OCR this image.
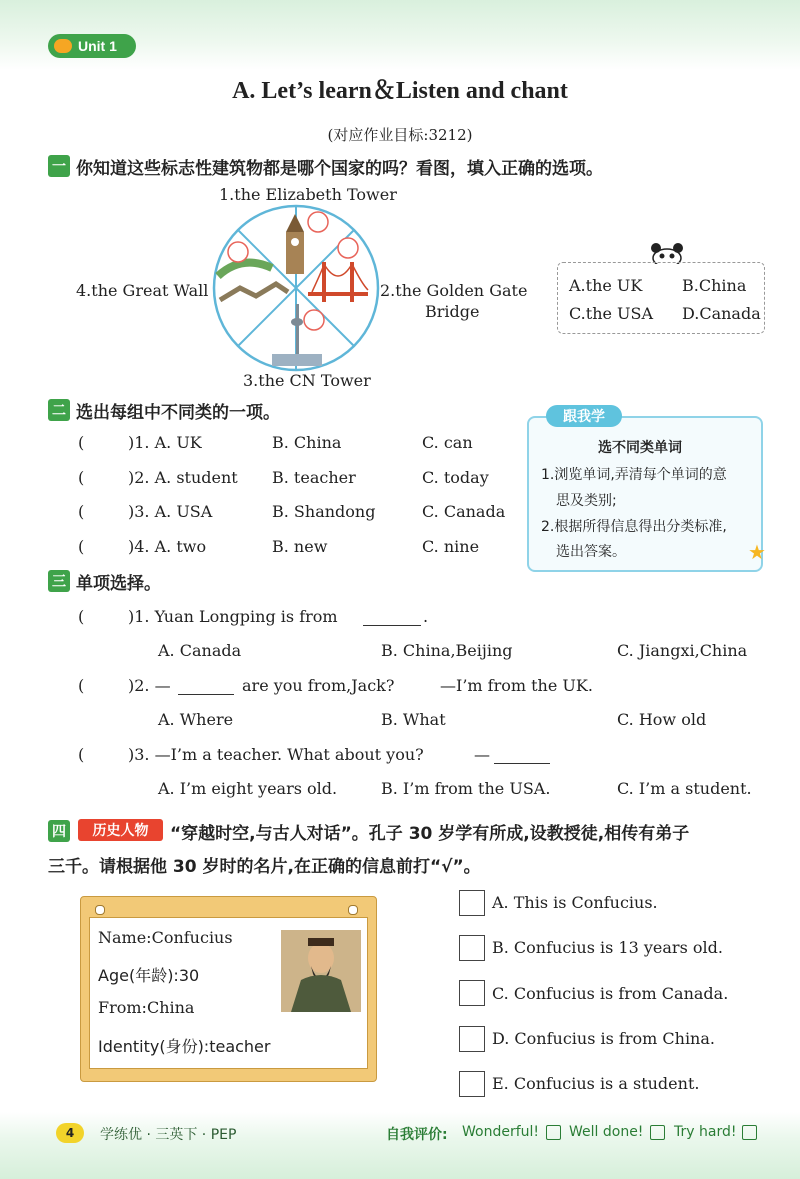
Unit 1
A. Let’s learn＆Listen and chant
(对应作业目标:3212)
一 你知道这些标志性建筑物都是哪个国家的吗？看图，填入正确的选项。
1.the Elizabeth Tower
2.the Golden Gate
Bridge
3.the CN Tower
4.the Great Wall	A.the UK B.China
C.the USA D.Canada
二 选出每组中不同类的一项。
(	)1. A. UK	B. China	C. can
(	)2. A. student B. teacher	C. today
(	)3. A. USA	B. Shandong	C. Canada
(	)4. A. two	B. new	C. nine
跟我学
选不同类单词
1.浏览单词,弄清每个单词的意
思及类别;
2.根据所得信息得出分类标准,
选出答案。	★
三 单项选择。
(	)1. Yuan Longping is from	.
A. Canada	B. China,Beijing	C. Jiangxi,China
(	)2. —	are you from,Jack?	—I’m from the UK.
A. Where	B. What	C. How old
(	)3. —I’m a teacher. What about you?	—
A. I’m eight years old.	B. I’m from the USA.	C. I’m a student.
四	历史人物	“穿越时空,与古人对话”。孔子 30 岁学有所成,设教授徒,相传有弟子
三千。请根据他 30 岁时的名片,在正确的信息前打“√”。
Name:Confucius
Age(年龄):30
From:China
Identity(身份):teacher
A. This is Confucius.
B. Confucius is 13 years old.
C. Confucius is from Canada.
D. Confucius is from China.
E. Confucius is a student.
4	学练优 · 三英下 · PEP	自我评价: Wonderful! Well done! Try hard!
